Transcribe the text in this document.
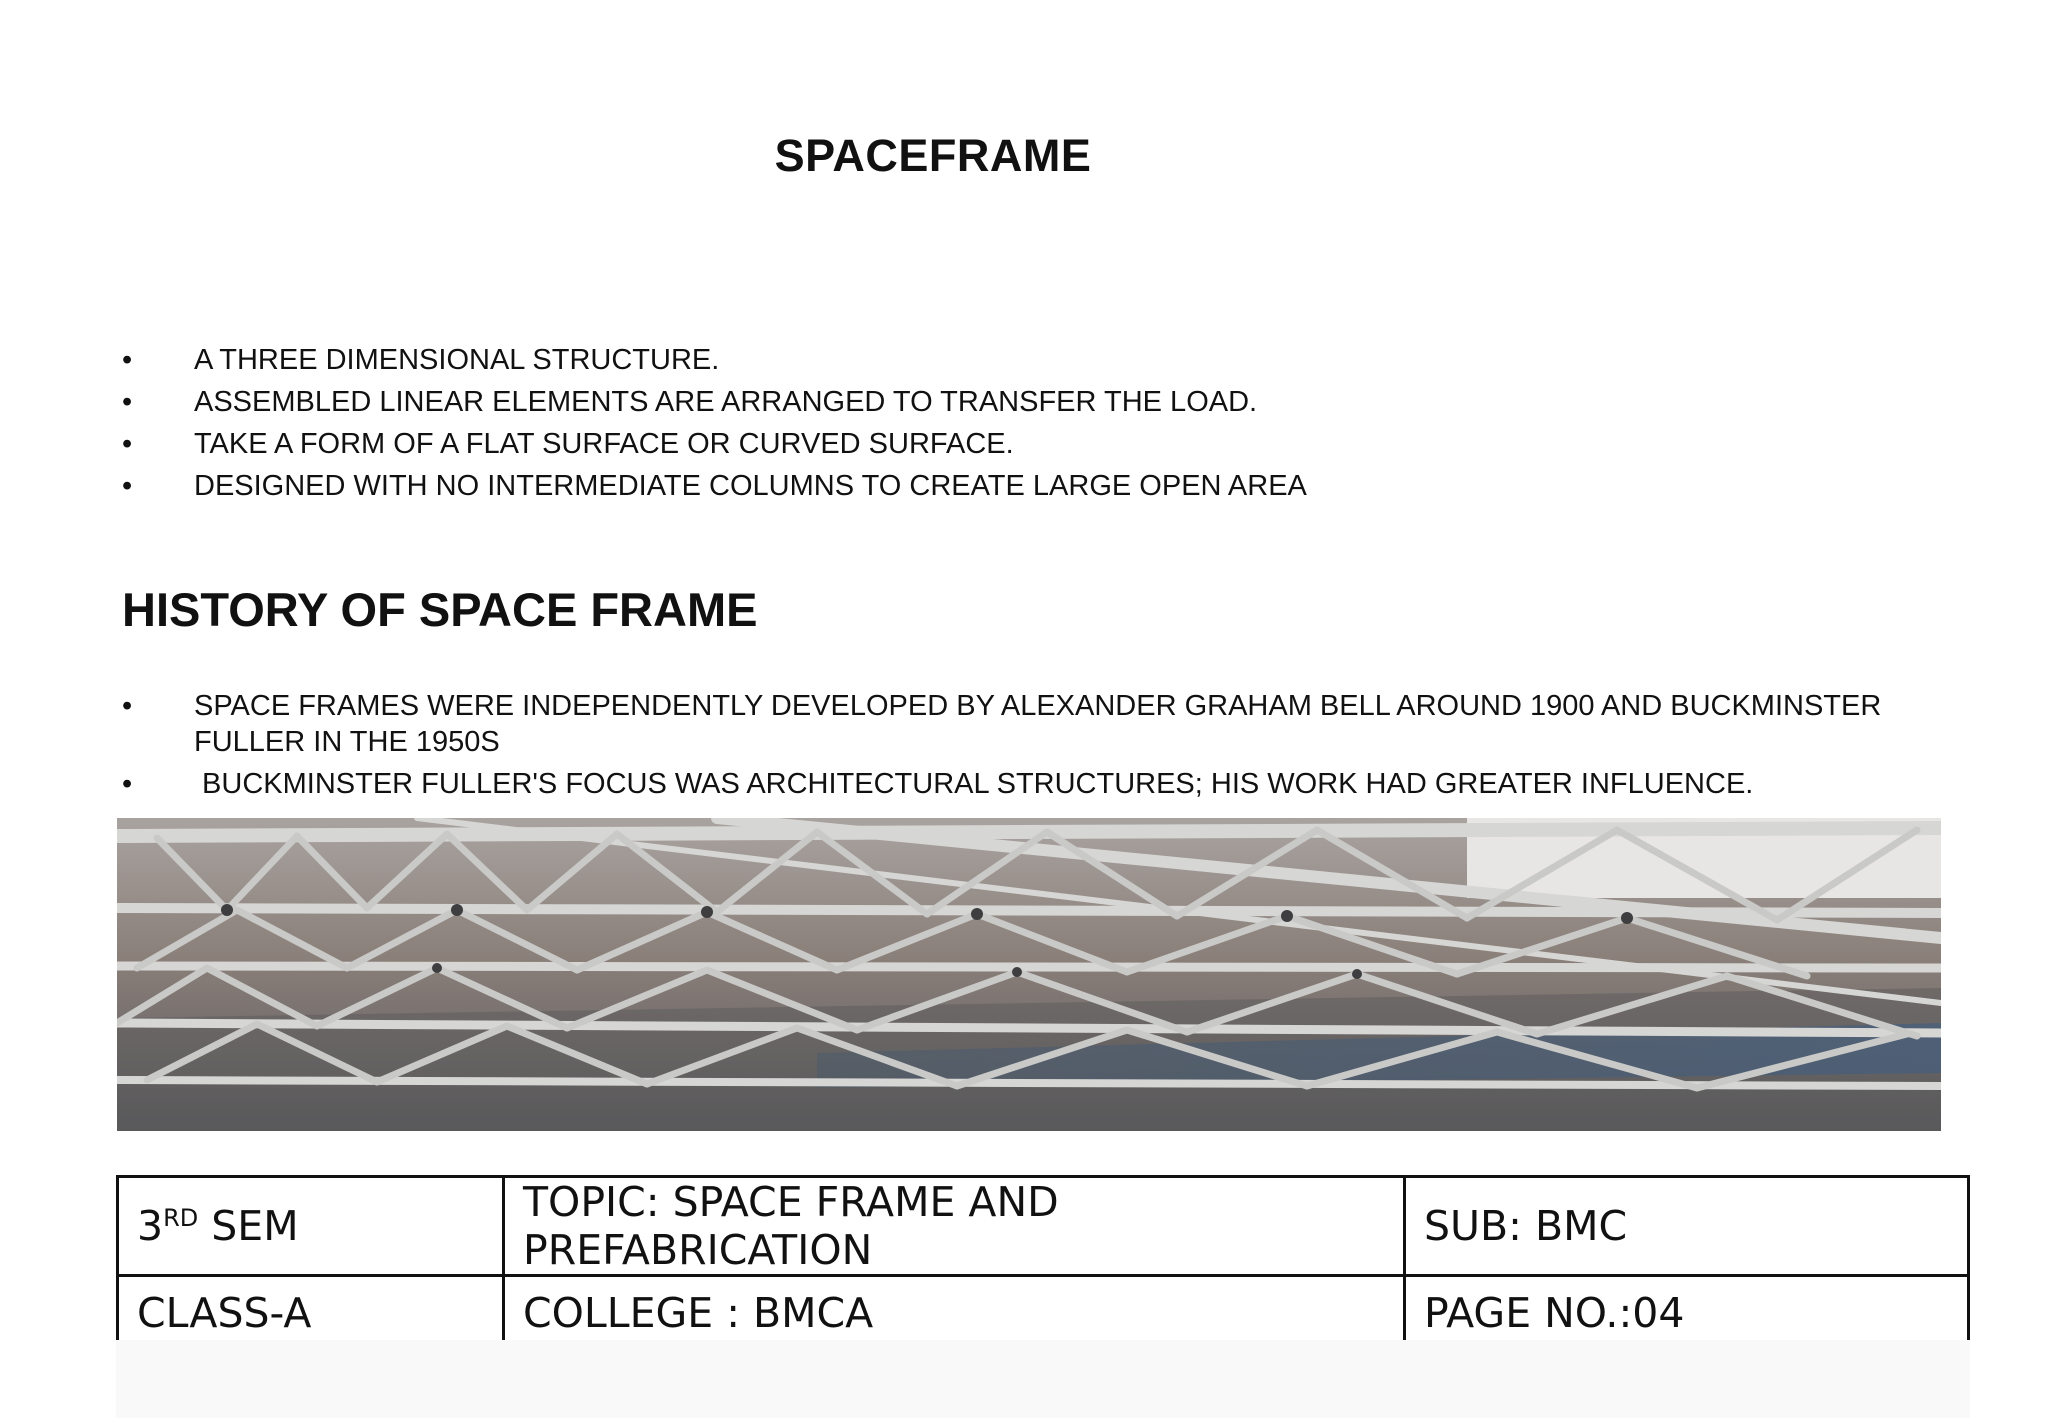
SPACEFRAME
• A THREE DIMENSIONAL STRUCTURE.
• ASSEMBLED LINEAR ELEMENTS ARE ARRANGED TO TRANSFER THE LOAD.
• TAKE A FORM OF A FLAT SURFACE OR CURVED SURFACE.
• DESIGNED WITH NO INTERMEDIATE COLUMNS TO CREATE LARGE OPEN AREA
HISTORY OF SPACE FRAME
• SPACE FRAMES WERE INDEPENDENTLY DEVELOPED BY ALEXANDER GRAHAM BELL AROUND 1900 AND BUCKMINSTER FULLER IN THE 1950S
• BUCKMINSTER FULLER'S FOCUS WAS ARCHITECTURAL STRUCTURES; HIS WORK HAD GREATER INFLUENCE.
3RD SEM	TOPIC: SPACE FRAME AND PREFABRICATION	SUB: BMC
CLASS-A	COLLEGE : BMCA	PAGE NO.:04
